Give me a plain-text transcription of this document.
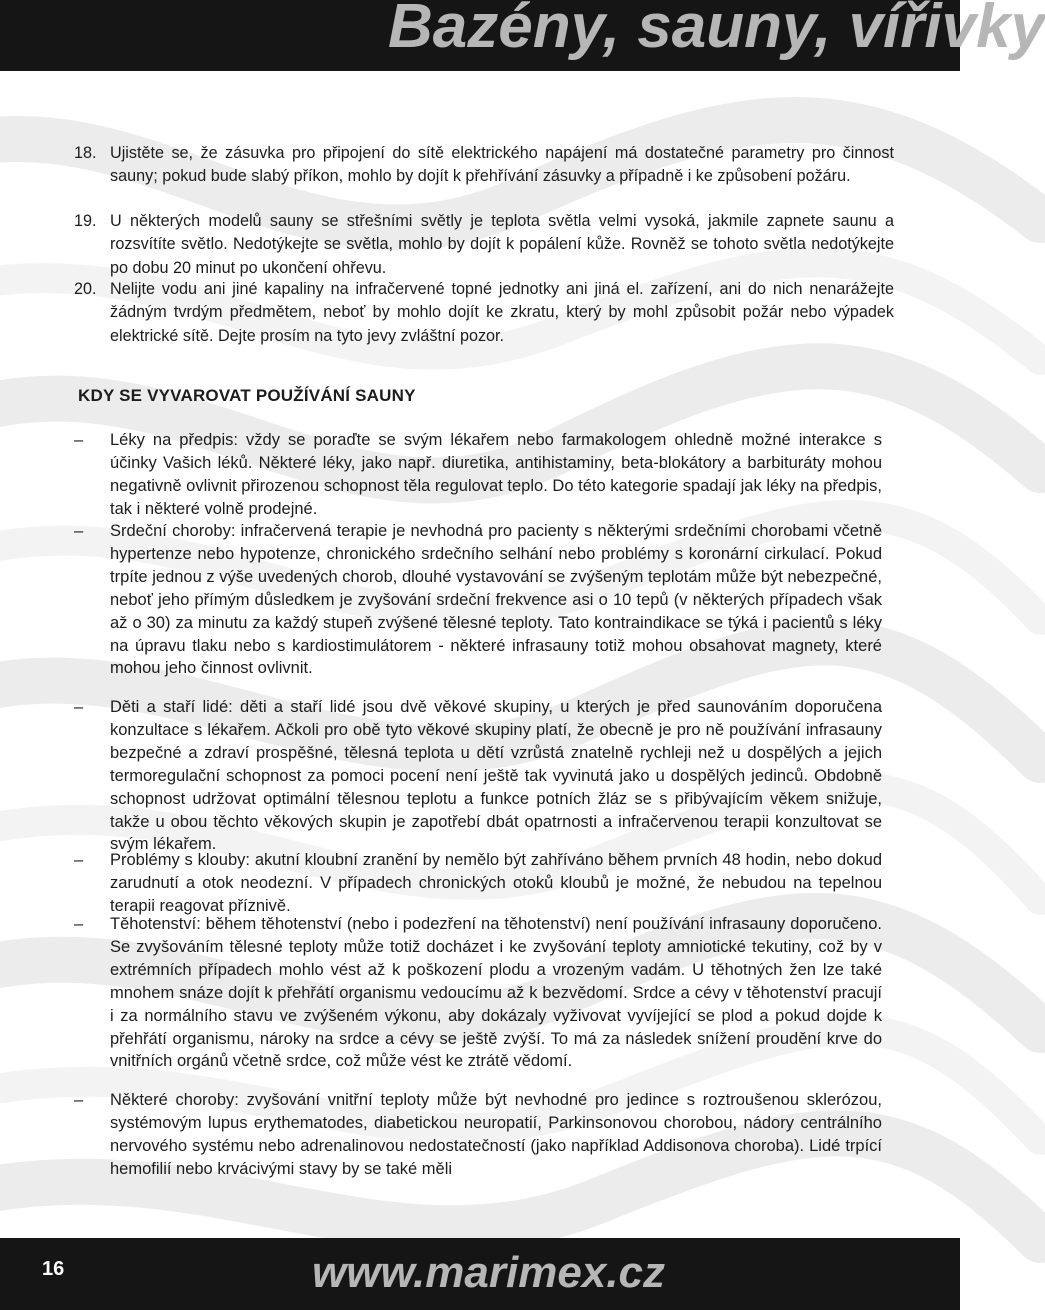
Bazény, sauny, vířivky
18. Ujistěte se, že zásuvka pro připojení do sítě elektrického napájení má dostatečné parametry pro činnost sauny; pokud bude slabý příkon, mohlo by dojít k přehřívání zásuvky a případně i ke způsobení požáru.
19. U některých modelů sauny se střešními světly je teplota světla velmi vysoká, jakmile zapnete saunu a rozsvítíte světlo. Nedotýkejte se světla, mohlo by dojít k popálení kůže. Rovněž se tohoto světla nedotýkejte po dobu 20 minut po ukončení ohřevu.
20. Nelijte vodu ani jiné kapaliny na infračervené topné jednotky ani jiná el. zařízení, ani do nich nenarážejte žádným tvrdým předmětem, neboť by mohlo dojít ke zkratu, který by mohl způsobit požár nebo výpadek elektrické sítě. Dejte prosím na tyto jevy zvláštní pozor.
KDY SE VYVAROVAT POUŽÍVÁNÍ SAUNY
– Léky na předpis: vždy se poraďte se svým lékařem nebo farmakologem ohledně možné interakce s účinky Vašich léků. Některé léky, jako např. diuretika, antihistaminy, beta-blokátory a barbituráty mohou negativně ovlivnit přirozenou schopnost těla regulovat teplo. Do této kategorie spadají jak léky na předpis, tak i některé volně prodejné.
– Srdeční choroby: infračervená terapie je nevhodná pro pacienty s některými srdečními chorobami včetně hypertenze nebo hypotenze, chronického srdečního selhání nebo problémy s koronární cirkulací. Pokud trpíte jednou z výše uvedených chorob, dlouhé vystavování se zvýšeným teplotám může být nebezpečné, neboť jeho přímým důsledkem je zvyšování srdeční frekvence asi o 10 tepů (v některých případech však až o 30) za minutu za každý stupeň zvýšené tělesné teploty. Tato kontraindikace se týká i pacientů s léky na úpravu tlaku nebo s kardiostimulátorem - některé infrasauny totiž mohou obsahovat magnety, které mohou jeho činnost ovlivnit.
– Děti a staří lidé: děti a staří lidé jsou dvě věkové skupiny, u kterých je před saunováním doporučena konzultace s lékařem. Ačkoli pro obě tyto věkové skupiny platí, že obecně je pro ně používání infrasauny bezpečné a zdraví prospěšné, tělesná teplota u dětí vzrůstá znatelně rychleji než u dospělých a jejich termoregulační schopnost za pomoci pocení není ještě tak vyvinutá jako u dospělých jedinců. Obdobně schopnost udržovat optimální tělesnou teplotu a funkce potních žláz se s přibývajícím věkem snižuje, takže u obou těchto věkových skupin je zapotřebí dbát opatrnosti a infračervenou terapii konzultovat se svým lékařem.
– Problémy s klouby: akutní kloubní zranění by nemělo být zahříváno během prvních 48 hodin, nebo dokud zarudnutí a otok neodezní. V případech chronických otoků kloubů je možné, že nebudou na tepelnou terapii reagovat příznivě.
– Těhotenství: během těhotenství (nebo i podezření na těhotenství) není používání infrasauny doporučeno. Se zvyšováním tělesné teploty může totiž docházet i ke zvyšování teploty amniotické tekutiny, což by v extrémních případech mohlo vést až k poškození plodu a vrozeným vadám. U těhotných žen lze také mnohem snáze dojít k přehřátí organismu vedoucímu až k bezvědomí. Srdce a cévy v těhotenství pracují i za normálního stavu ve zvýšeném výkonu, aby dokázaly vyživovat vyvíjející se plod a pokud dojde k přehřátí organismu, nároky na srdce a cévy se ještě zvýší. To má za následek snížení proudění krve do vnitřních orgánů včetně srdce, což může vést ke ztrátě vědomí.
– Některé choroby: zvyšování vnitřní teploty může být nevhodné pro jedince s roztroušenou sklerózou, systémovým lupus erythematodes, diabetickou neuropatií, Parkinsonovou chorobou, nádory centrálního nervového systému nebo adrenalinovou nedostatečností (jako například Addisonova choroba). Lidé trpící hemofilií nebo krvácivými stavy by se také měli
16	www.marimex.cz
